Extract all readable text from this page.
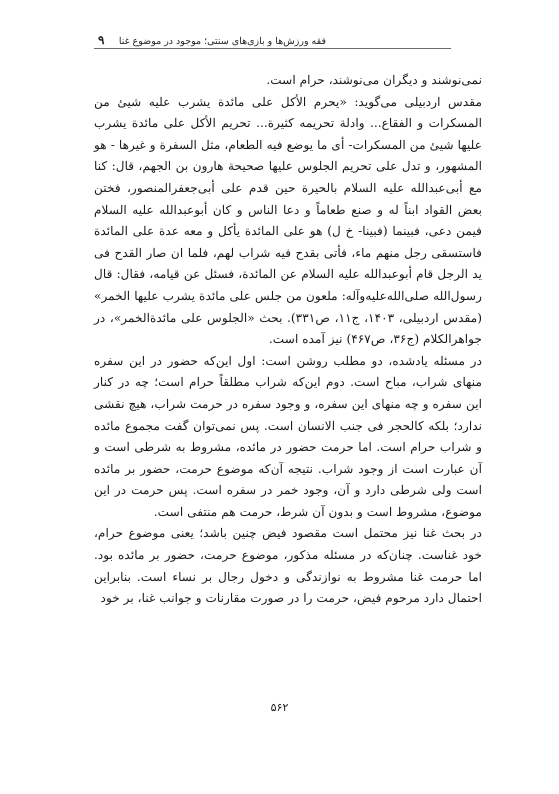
فقه ورزش‌ها و بازی‌های سنتی؛ موجود در موضوع غنا
۹

نمی‌نوشند و دیگران می‌نوشند، حرام است.

مقدس اردبیلی می‌گوید: «یحرم الأکل علی مائدة یشرب علیه شیئ من المسکرات و الفقاع... وادلة تحریمه کثیرة... تحریم الأکل علی مائدة یشرب علیها شیئ من المسکرات- أی ما یوضع فیه الطعام، مثل السفرة و غیرها - هو المشهور، و تدل علی تحریم الجلوس علیها صحیحة هارون بن الجهم، قال: کنا مع أبی‌عبدالله عليه السلام بالحیرة حین قدم علی أبی‌جعفرالمنصور، فختن بعض القواد ابناً له و صنع طعاماً و دعا الناس و کان أبوعبدالله عليه السلام فیمن دعی، فبینما (فبینا- خ ل) هو علی المائدة یأکل و معه عدة علی المائدة فاستسقی رجل منهم ماء، فأتی بقدح فیه شراب لهم، فلما ان صار القدح فی ید الرجل قام أبوعبدالله عليه السلام عن المائدة، فسئل عن قیامه، فقال: قال رسول‌الله صلی‌الله‌علیه‌وآله: ملعون من جلس علی مائدة یشرب علیها الخمر» (مقدس اردبیلی، ۱۴۰۳، ج۱۱، ص۳۳۱). بحث «الجلوس علی مائدةالخمر»، در جواهرالکلام (ج۳۶، ص۴۶۷) نیز آمده است.

در مسئله یادشده، دو مطلب روشن است: اول این‌که حضور در این سفره منهای شراب، مباح است. دوم این‌که شراب مطلقاً حرام است؛ چه در کنار این سفره و چه منهای این سفره، و وجود سفره در حرمت شراب، هیچ نقشی ندارد؛ بلکه کالحجر فی جنب الانسان است. پس نمی‌توان گفت مجموع مائده و شراب حرام است. اما حرمت حضور در مائده، مشروط به شرطی است و آن عبارت است از وجود شراب. نتیجه آن‌که موضوع حرمت، حضور بر مائده است ولی شرطی دارد و آن، وجود خمر در سفره است. پس حرمت در این موضوع، مشروط است و بدون آن شرط، حرمت هم منتفی است.

در بحث غنا نیز محتمل است مقصود فیض چنین باشد؛ یعنی موضوع حرام، خود غناست. چنان‌که در مسئله مذکور، موضوع حرمت، حضور بر مائده بود. اما حرمت غنا مشروط به نوازندگی و دخول رجال بر نساء است. بنابراین احتمال دارد مرحوم فیض، حرمت را در صورت مقارنات و جوانب غنا، بر خود

۵۶۲
